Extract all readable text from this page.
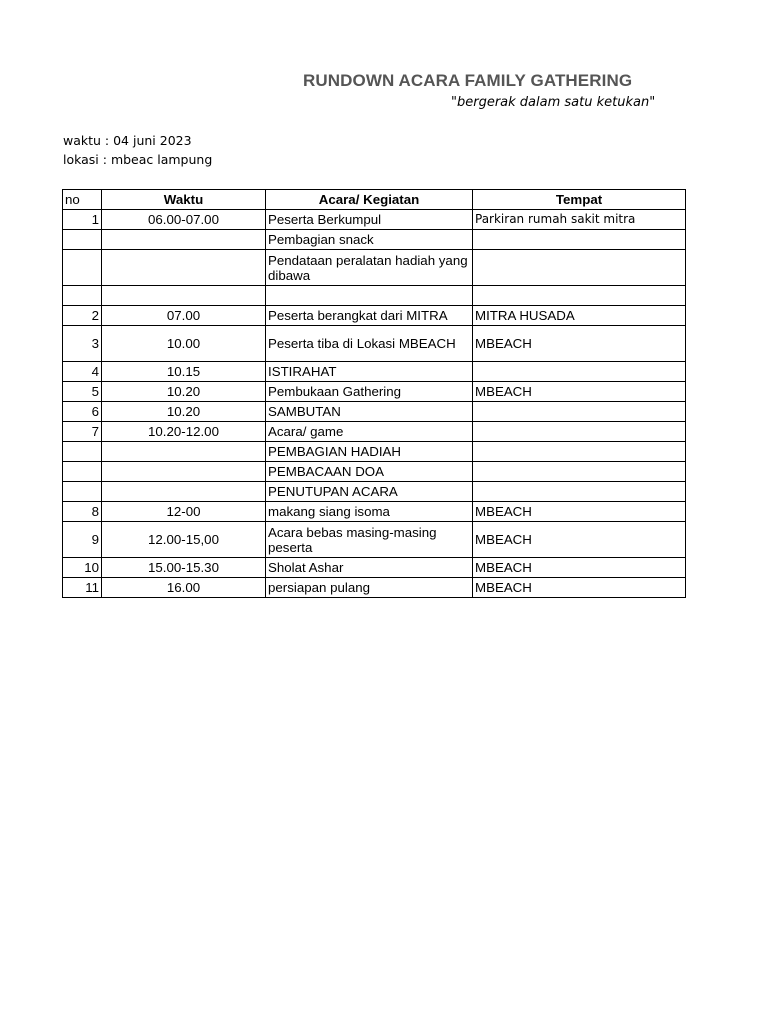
RUNDOWN ACARA FAMILY GATHERING
"bergerak dalam satu ketukan"
waktu : 04 juni 2023
lokasi : mbeac lampung
no	Waktu	Acara/ Kegiatan	Tempat
1	06.00-07.00	Peserta Berkumpul	Parkiran rumah sakit mitra
		Pembagian snack	
		Pendataan peralatan hadiah yang dibawa	

2	07.00	Peserta berangkat dari MITRA	MITRA HUSADA
3	10.00	Peserta tiba di Lokasi MBEACH	MBEACH
4	10.15	ISTIRAHAT	
5	10.20	Pembukaan Gathering	MBEACH
6	10.20	SAMBUTAN	
7	10.20-12.00	Acara/ game	
		PEMBAGIAN HADIAH	
		PEMBACAAN DOA	
		PENUTUPAN ACARA	
8	12-00	makang siang isoma	MBEACH
9	12.00-15,00	Acara bebas masing-masing peserta	MBEACH
10	15.00-15.30	Sholat Ashar	MBEACH
11	16.00	persiapan pulang	MBEACH
